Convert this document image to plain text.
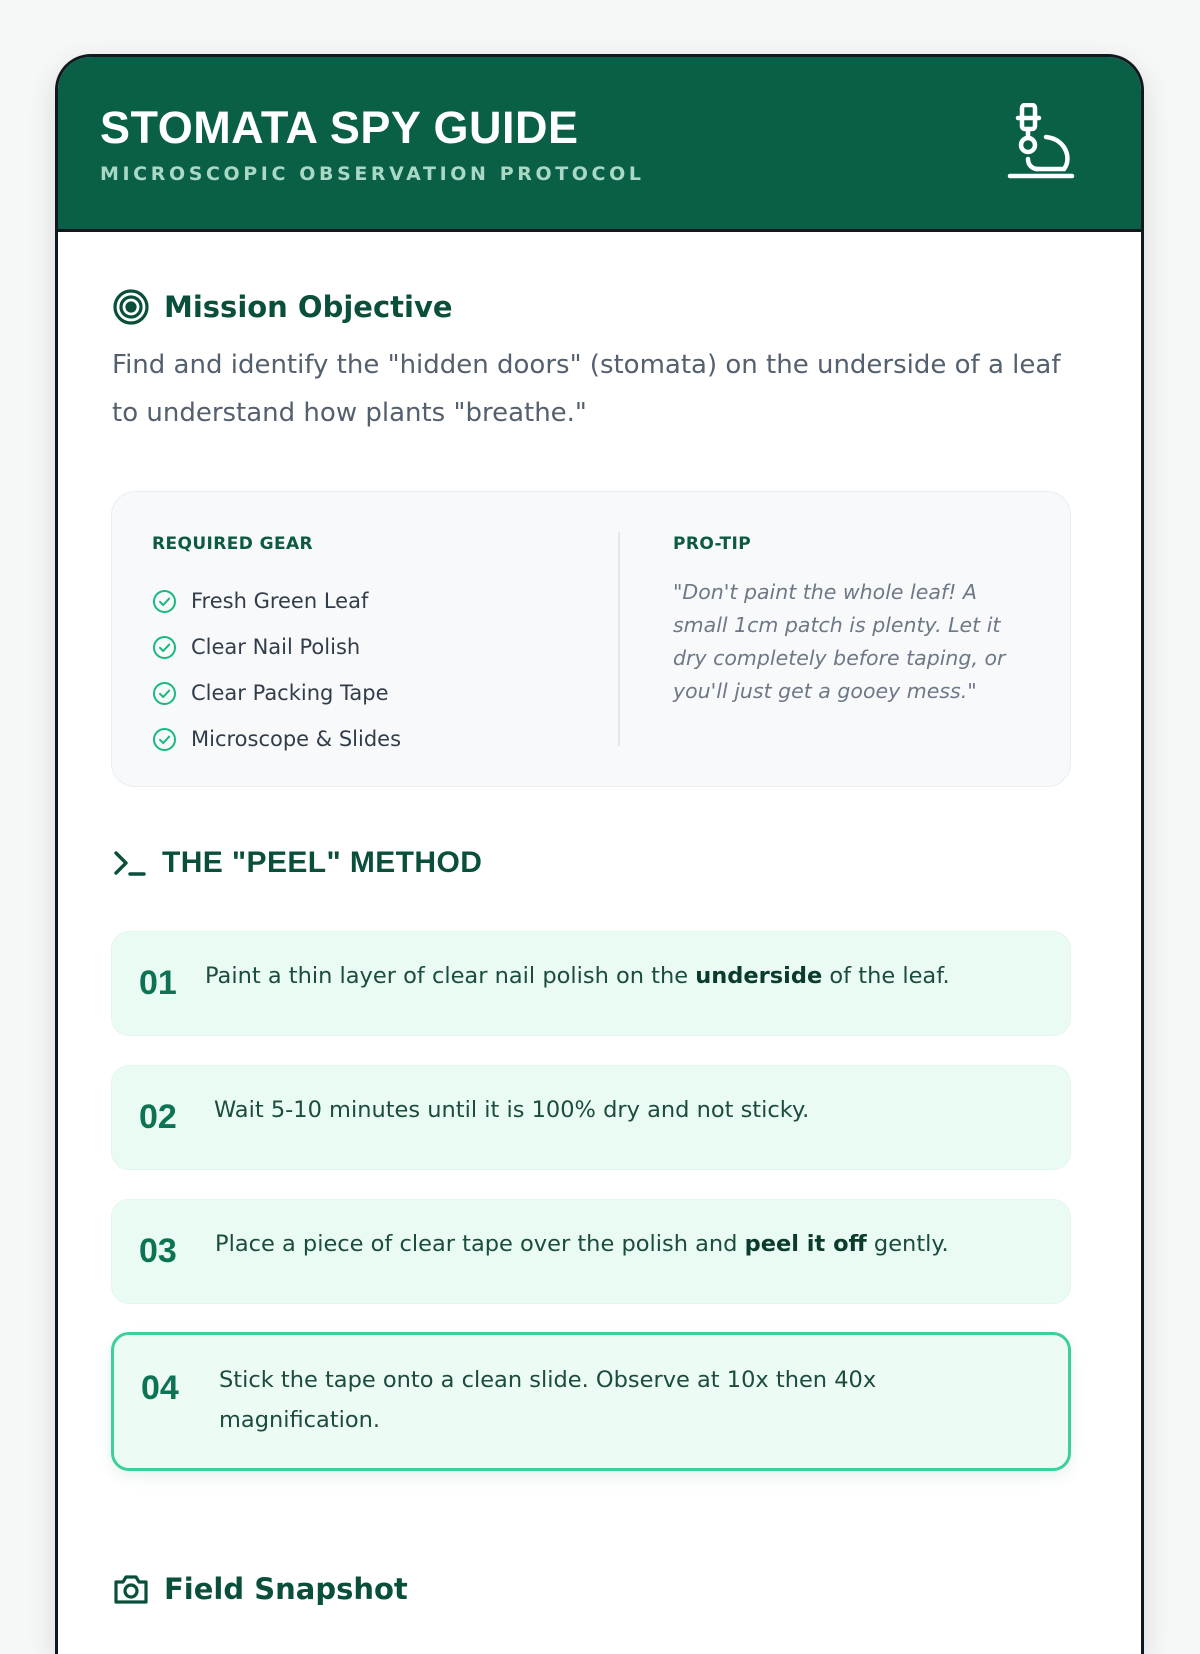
STOMATA SPY GUIDE
MICROSCOPIC OBSERVATION PROTOCOL
Mission Objective
Find and identify the "hidden doors" (stomata) on the underside of a leaf to understand how plants "breathe."
REQUIRED GEAR
Fresh Green Leaf
Clear Nail Polish
Clear Packing Tape
Microscope & Slides
PRO-TIP
"Don't paint the whole leaf! A small 1cm patch is plenty. Let it dry completely before taping, or you'll just get a gooey mess."
THE "PEEL" METHOD
01 Paint a thin layer of clear nail polish on the underside of the leaf.
02 Wait 5-10 minutes until it is 100% dry and not sticky.
03 Place a piece of clear tape over the polish and peel it off gently.
04 Stick the tape onto a clean slide. Observe at 10x then 40x magnification.
Field Snapshot
